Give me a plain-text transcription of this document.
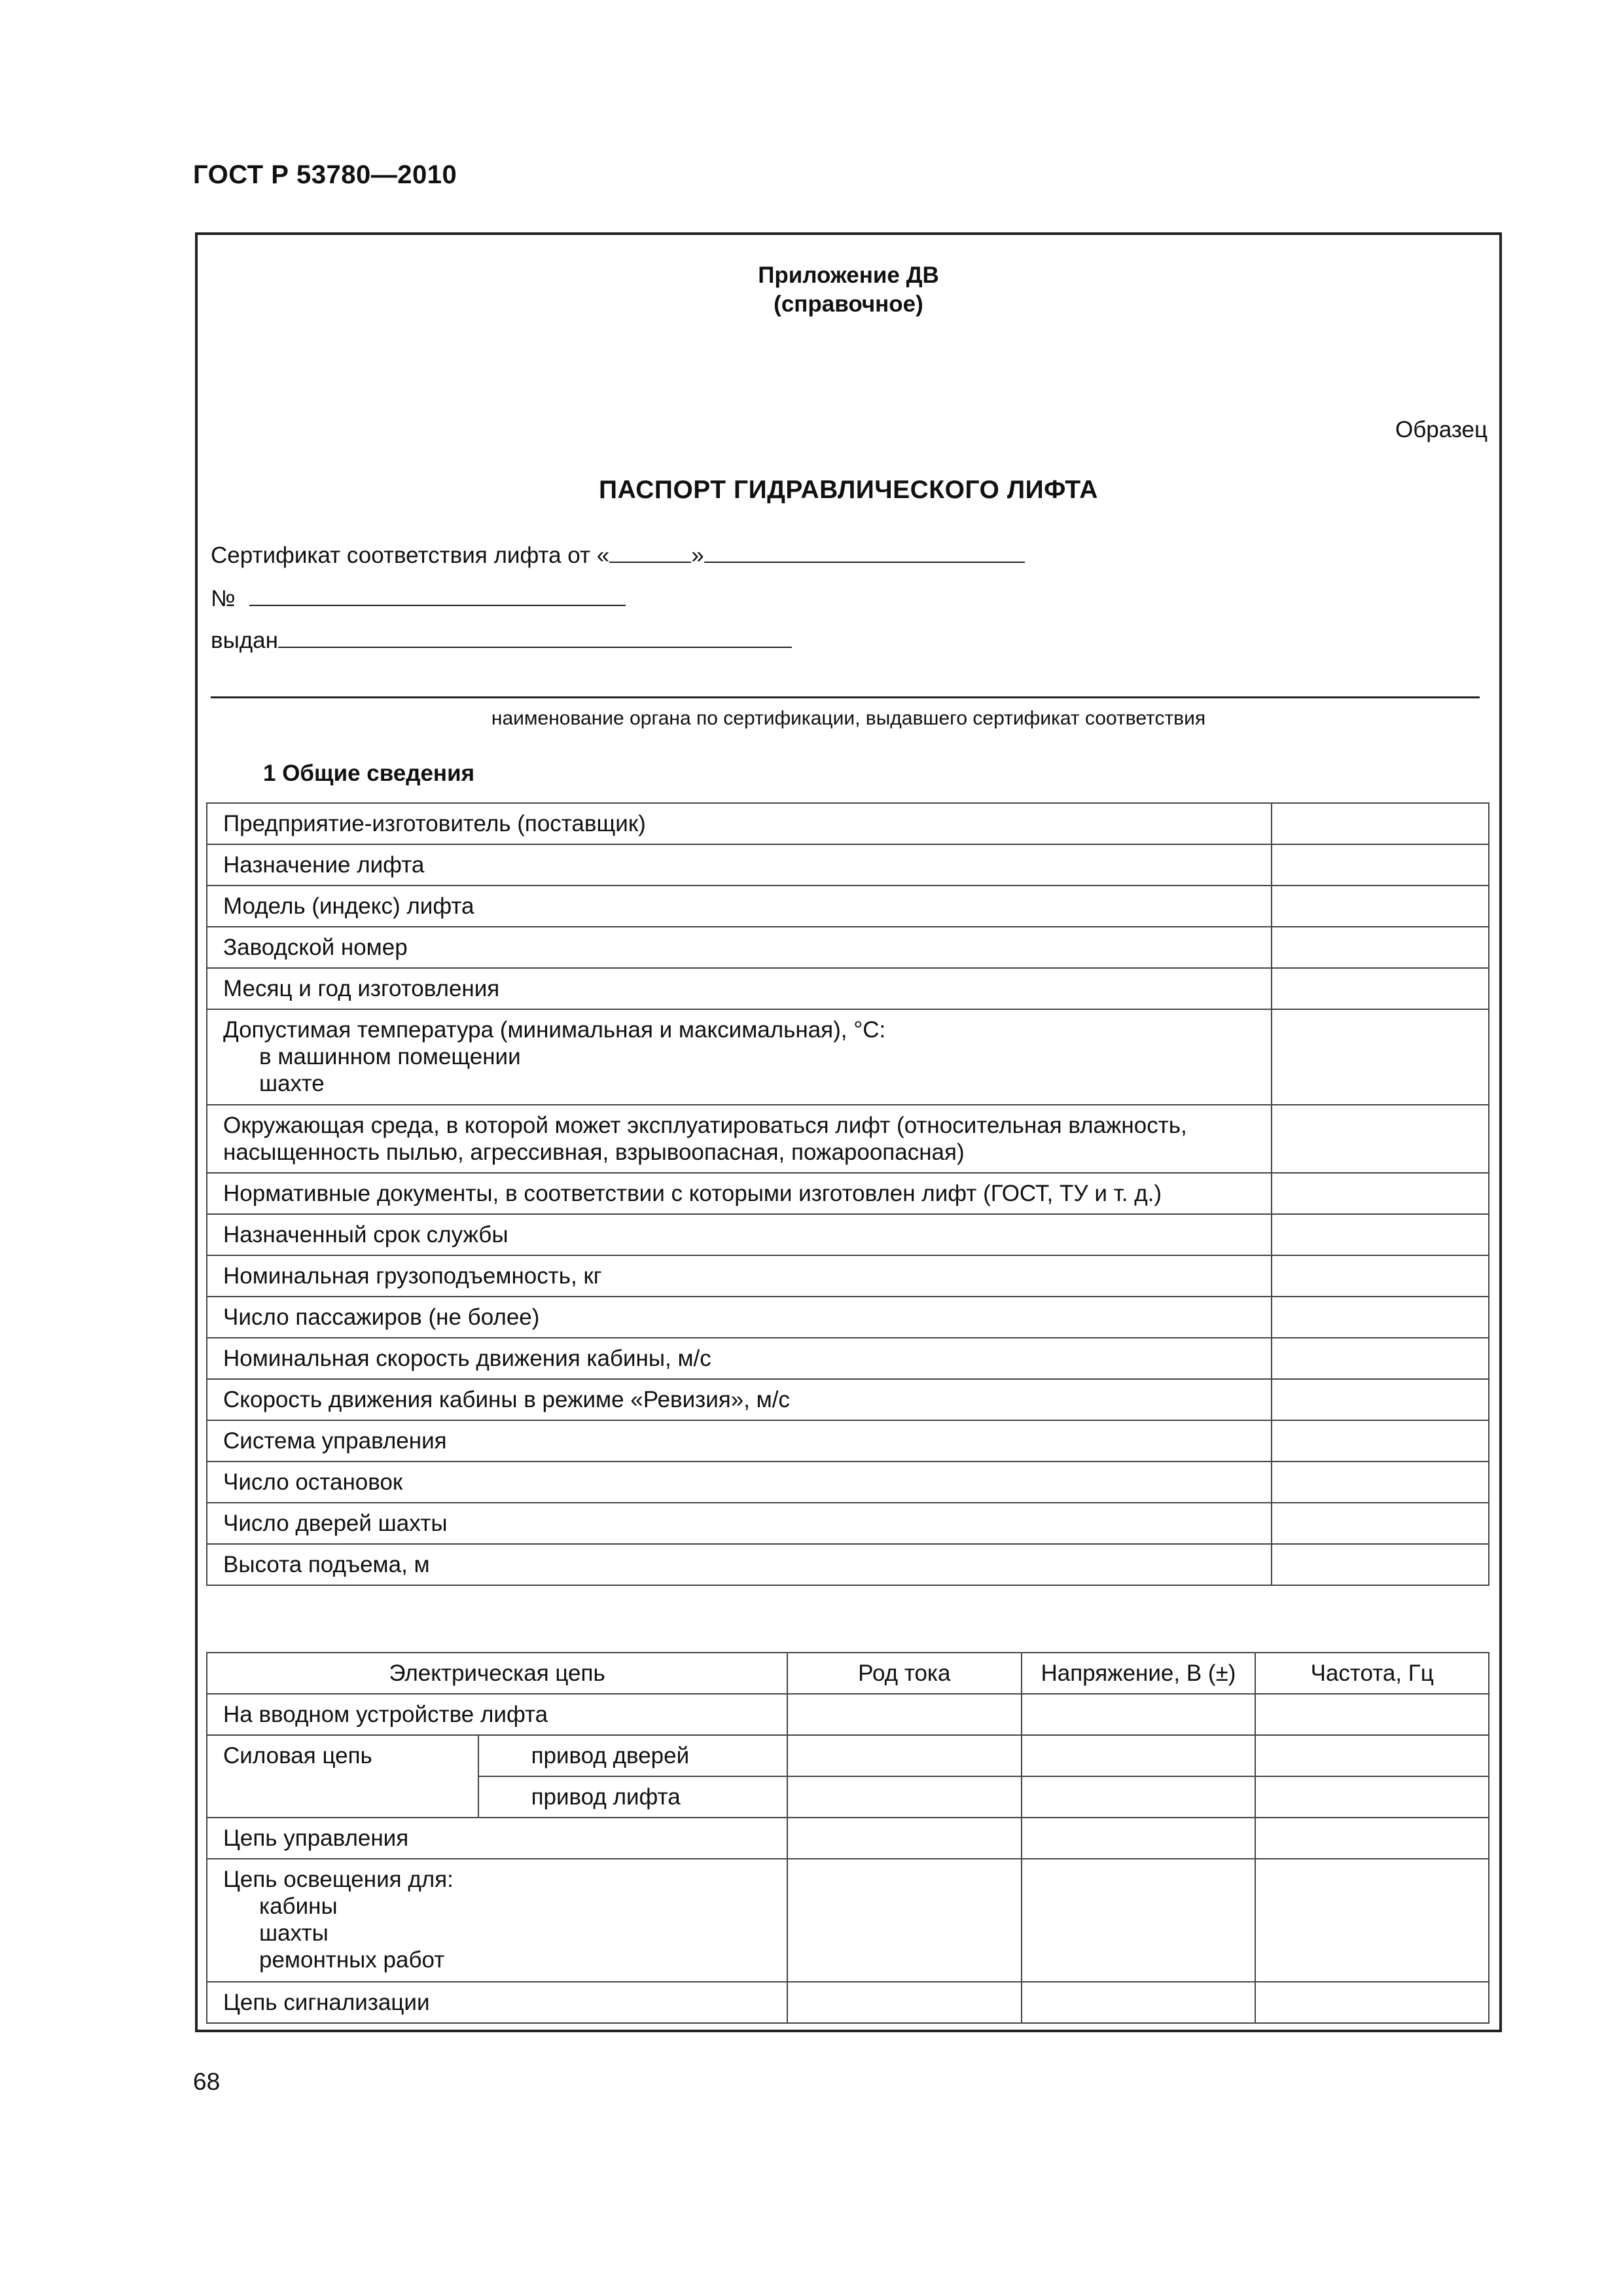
ГОСТ Р 53780—2010
Приложение ДВ
(справочное)
Образец
ПАСПОРТ ГИДРАВЛИЧЕСКОГО ЛИФТА
Сертификат соответствия лифта от «	»
№
выдан
наименование органа по сертификации, выдавшего сертификат соответствия
1 Общие сведения
Предприятие-изготовитель (поставщик)	
Назначение лифта	
Модель (индекс) лифта	
Заводской номер	
Месяц и год изготовления	

Допустимая температура (минимальная и максимальная), °С:
в машинном помещении
шахте	

Окружающая среда, в которой может эксплуатироваться лифт (относительная влажность,
насыщенность пылью, агрессивная, взрывоопасная, пожароопасная)	

Нормативные документы, в соответствии с которыми изготовлен лифт (ГОСТ, ТУ и т. д.)	
Назначенный срок службы	
Номинальная грузоподъемность, кг	
Число пассажиров (не более)	
Номинальная скорость движения кабины, м/с	
Скорость движения кабины в режиме «Ревизия», м/с	
Система управления	
Число остановок	
Число дверей шахты	
Высота подъема, м	
Электрическая цепь		Род тока	Напряжение, В (±)	Частота, Гц
На вводном устройстве лифта				
Силовая цепь	привод дверей			
	привод лифта			
Цепь управления				

Цепь освещения для:
кабины
шахты
ремонтных работ				

Цепь сигнализации				
68
